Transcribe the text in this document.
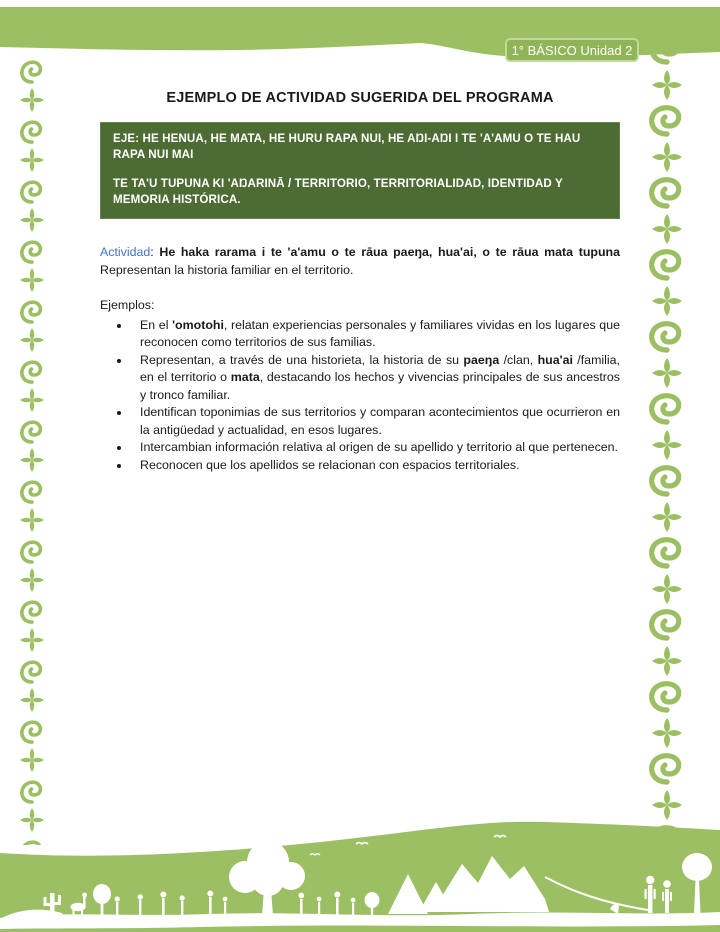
1° BÁSICO Unidad 2
EJEMPLO DE ACTIVIDAD SUGERIDA DEL PROGRAMA

EJE: HE HENUA, HE MATA, HE HURU RAPA NUI, HE AŊI-AŊI I TE 'A'AMU O TE HAU RAPA NUI MAI

TE TA'U TUPUNA KI 'AŊARINĀ / TERRITORIO, TERRITORIALIDAD, IDENTIDAD Y MEMORIA HISTÓRICA.

Actividad: He haka rarama i te 'a'amu o te rāua paeŋa, hua'ai, o te rāua mata tupuna
Representan la historia familiar en el territorio.

Ejemplos:

• En el 'omotohi, relatan experiencias personales y familiares vividas en los lugares que reconocen como territorios de sus familias.
• Representan, a través de una historieta, la historia de su paeŋa /clan, hua'ai /familia, en el territorio o mata, destacando los hechos y vivencias principales de sus ancestros y tronco familiar.
• Identifican toponimias de sus territorios y comparan acontecimientos que ocurrieron en la antigüedad y actualidad, en esos lugares.
• Intercambian información relativa al origen de su apellido y territorio al que pertenecen.
• Reconocen que los apellidos se relacionan con espacios territoriales.
